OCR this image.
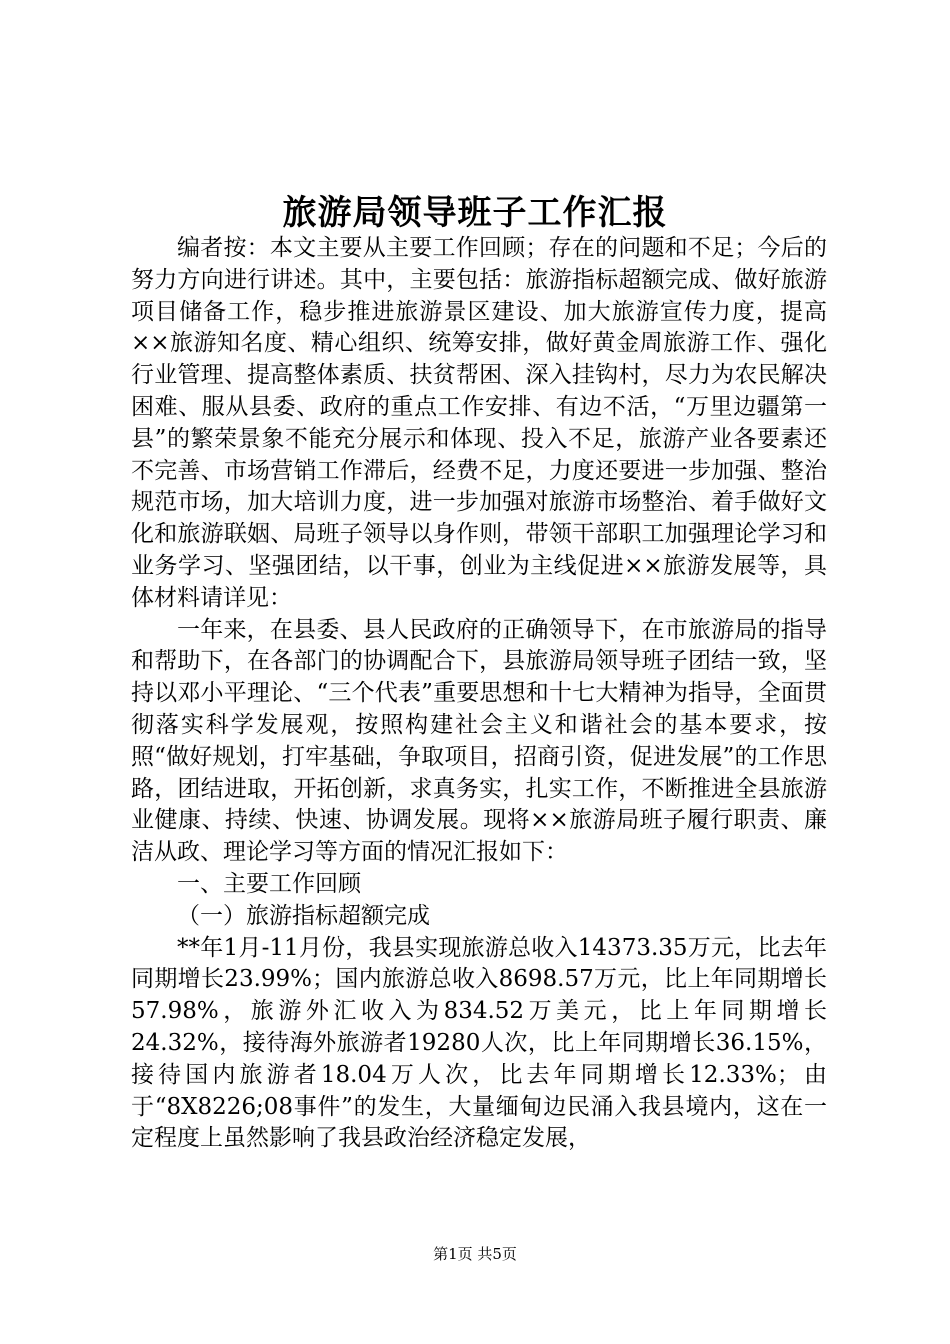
旅游局领导班子工作汇报

编者按：本文主要从主要工作回顾；存在的问题和不足；今后的努力方向进行讲述。其中，主要包括：旅游指标超额完成、做好旅游项目储备工作，稳步推进旅游景区建设、加大旅游宣传力度，提高××旅游知名度、精心组织、统筹安排，做好黄金周旅游工作、强化行业管理、提高整体素质、扶贫帮困、深入挂钩村，尽力为农民解决困难、服从县委、政府的重点工作安排、有边不活，“万里边疆第一县”的繁荣景象不能充分展示和体现、投入不足，旅游产业各要素还不完善、市场营销工作滞后，经费不足，力度还要进一步加强、整治规范市场，加大培训力度，进一步加强对旅游市场整治、着手做好文化和旅游联姻、局班子领导以身作则，带领干部职工加强理论学习和业务学习、坚强团结，以干事，创业为主线促进××旅游发展等，具体材料请详见：

一年来，在县委、县人民政府的正确领导下，在市旅游局的指导和帮助下，在各部门的协调配合下，县旅游局领导班子团结一致，坚持以邓小平理论、“三个代表”重要思想和十七大精神为指导，全面贯彻落实科学发展观，按照构建社会主义和谐社会的基本要求，按照“做好规划，打牢基础，争取项目，招商引资，促进发展”的工作思路，团结进取，开拓创新，求真务实，扎实工作，不断推进全县旅游业健康、持续、快速、协调发展。现将××旅游局班子履行职责、廉洁从政、理论学习等方面的情况汇报如下：

一、主要工作回顾

（一）旅游指标超额完成

**年1月-11月份，我县实现旅游总收入14373.35万元，比去年同期增长23.99%；国内旅游总收入8698.57万元，比上年同期增长57.98%，旅游外汇收入为834.52万美元，比上年同期增长24.32%，接待海外旅游者19280人次，比上年同期增长36.15%，接待国内旅游者18.04万人次，比去年同期增长12.33%；由于“8X8226;08事件”的发生，大量缅甸边民涌入我县境内，这在一定程度上虽然影响了我县政治经济稳定发展，

第1页 共5页
